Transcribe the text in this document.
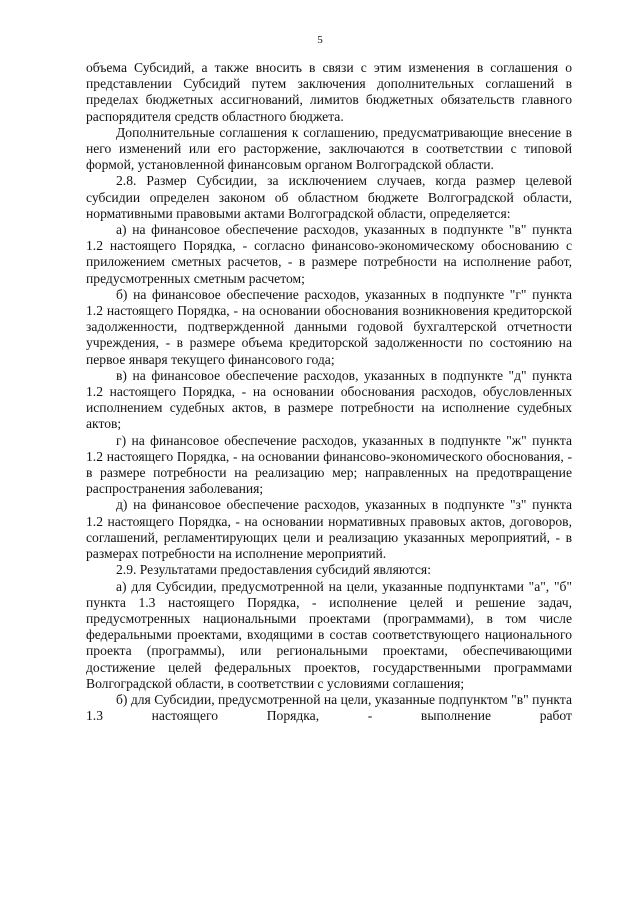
5

объема Субсидий, а также вносить в связи с этим изменения в соглашения о представлении Субсидий путем заключения дополнительных соглашений в пределах бюджетных ассигнований, лимитов бюджетных обязательств главного распорядителя средств областного бюджета.

Дополнительные соглашения к соглашению, предусматривающие внесение в него изменений или его расторжение, заключаются в соответствии с типовой формой, установленной финансовым органом Волгоградской области.

2.8. Размер Субсидии, за исключением случаев, когда размер целевой субсидии определен законом об областном бюджете Волгоградской области, нормативными правовыми актами Волгоградской области, определяется:

а) на финансовое обеспечение расходов, указанных в подпункте "в" пункта 1.2 настоящего Порядка, - согласно финансово-экономическому обоснованию с приложением сметных расчетов, - в размере потребности на исполнение работ, предусмотренных сметным расчетом;

б) на финансовое обеспечение расходов, указанных в подпункте "г" пункта 1.2 настоящего Порядка, - на основании обоснования возникновения кредиторской задолженности, подтвержденной данными годовой бухгалтерской отчетности учреждения, - в размере объема кредиторской задолженности по состоянию на первое января текущего финансового года;

в) на финансовое обеспечение расходов, указанных в подпункте "д" пункта 1.2 настоящего Порядка, - на основании обоснования расходов, обусловленных исполнением судебных актов, в размере потребности на исполнение судебных актов;

г) на финансовое обеспечение расходов, указанных в подпункте "ж" пункта 1.2 настоящего Порядка, - на основании финансово-экономического обоснования, - в размере потребности на реализацию мер; направленных на предотвращение распространения заболевания;

д) на финансовое обеспечение расходов, указанных в подпункте "з" пункта 1.2 настоящего Порядка, - на основании нормативных правовых актов, договоров, соглашений, регламентирующих цели и реализацию указанных мероприятий, - в размерах потребности на исполнение мероприятий.

2.9. Результатами предоставления субсидий являются:

а) для Субсидии, предусмотренной на цели, указанные подпунктами "а", "б" пункта 1.3 настоящего Порядка, - исполнение целей и решение задач, предусмотренных национальными проектами (программами), в том числе федеральными проектами, входящими в состав соответствующего национального проекта (программы), или региональными проектами, обеспечивающими достижение целей федеральных проектов, государственными программами Волгоградской области, в соответствии с условиями соглашения;

б) для Субсидии, предусмотренной на цели, указанные подпунктом "в" пункта 1.3 настоящего Порядка, - выполнение работ
